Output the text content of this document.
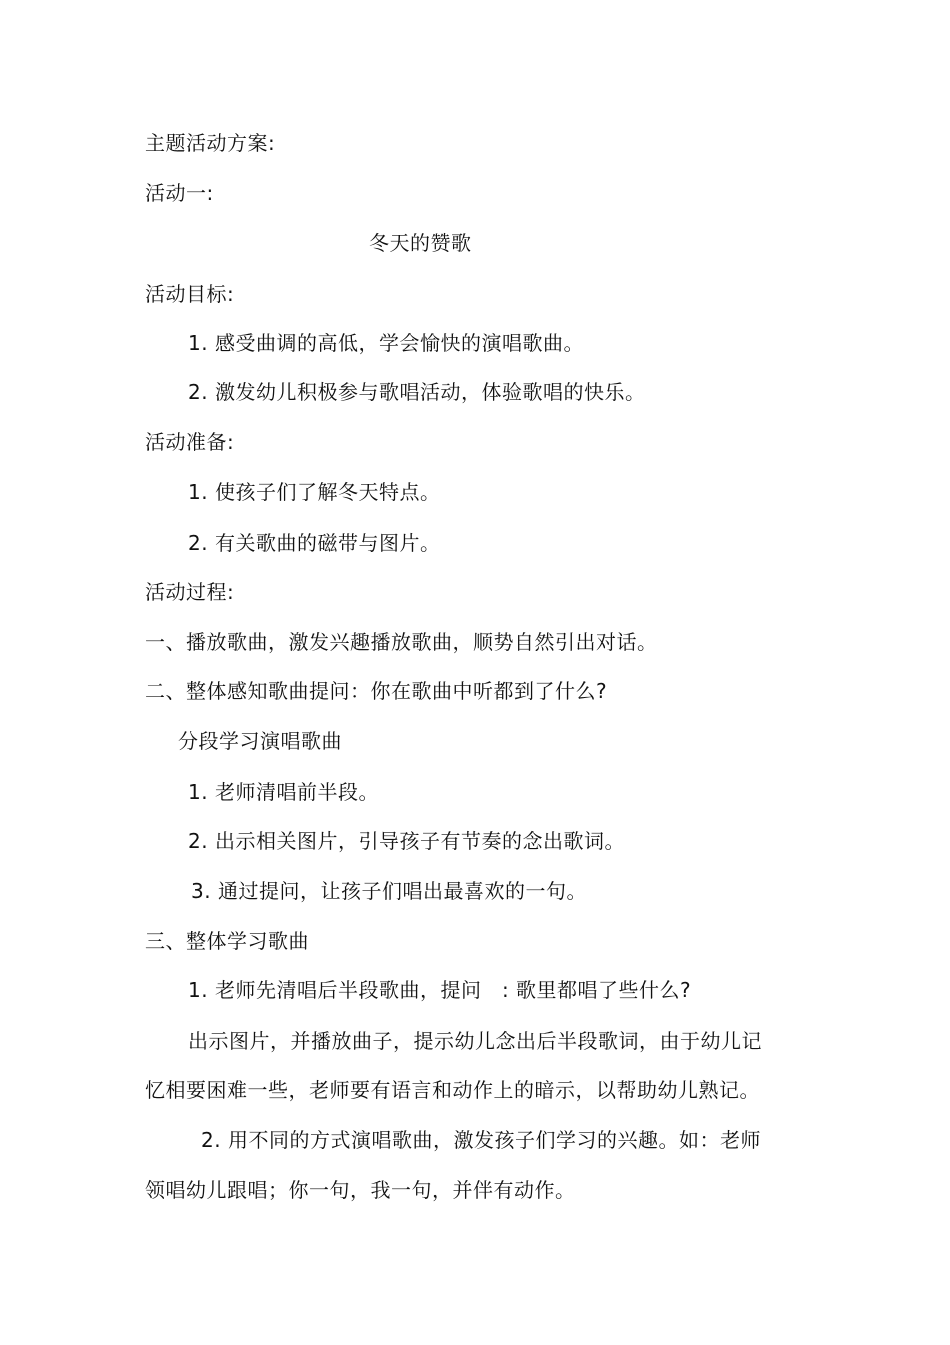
主题活动方案:
活动一:
冬天的赞歌
活动目标:
1. 感受曲调的高低，学会愉快的演唱歌曲。
2. 激发幼儿积极参与歌唱活动，体验歌唱的快乐。
活动准备:
1. 使孩子们了解冬天特点。
2. 有关歌曲的磁带与图片。
活动过程:
一、播放歌曲，激发兴趣播放歌曲，顺势自然引出对话。
二、整体感知歌曲提问：你在歌曲中听都到了什么?
分段学习演唱歌曲
1. 老师清唱前半段。
2. 出示相关图片，引导孩子有节奏的念出歌词。
3. 通过提问，让孩子们唱出最喜欢的一句。
三、整体学习歌曲
1. 老师先清唱后半段歌曲，提问　: 歌里都唱了些什么?
出示图片，并播放曲子，提示幼儿念出后半段歌词，由于幼儿记
忆相要困难一些，老师要有语言和动作上的暗示，以帮助幼儿熟记。
2. 用不同的方式演唱歌曲，激发孩子们学习的兴趣。如：老师
领唱幼儿跟唱；你一句，我一句，并伴有动作。
